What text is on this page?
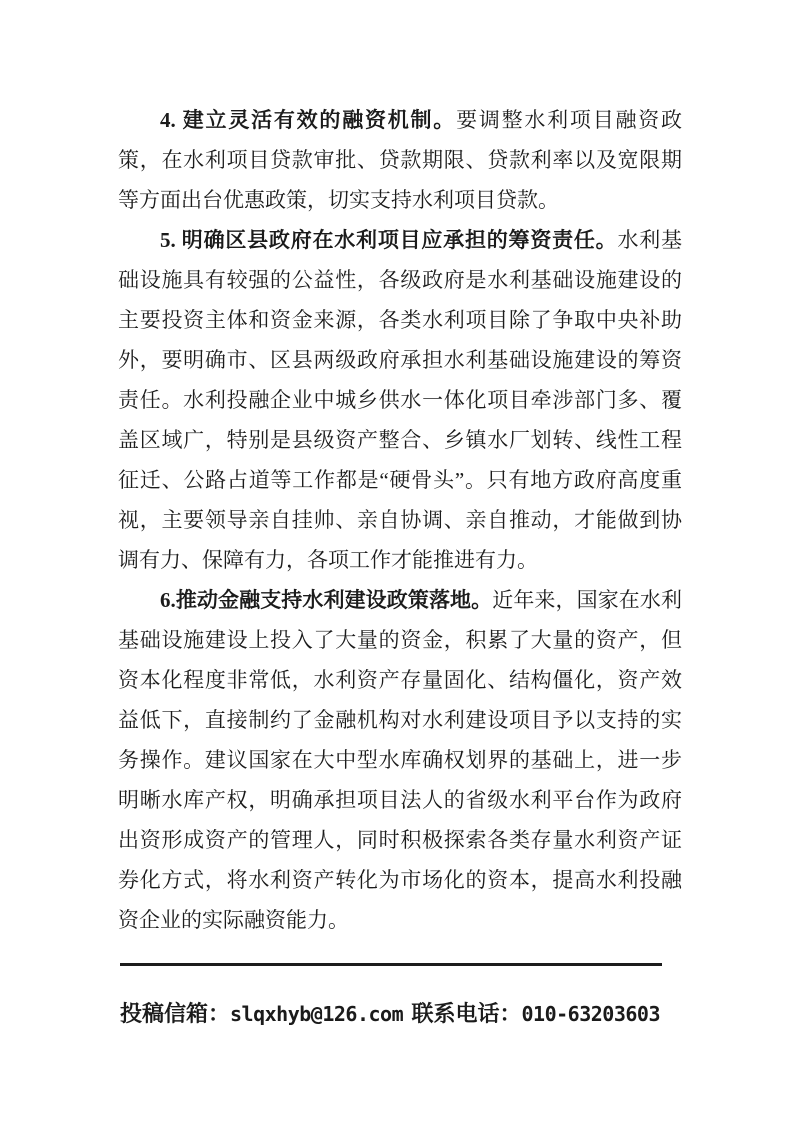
4. 建立灵活有效的融资机制。要调整水利项目融资政策，在水利项目贷款审批、贷款期限、贷款利率以及宽限期等方面出台优惠政策，切实支持水利项目贷款。

5. 明确区县政府在水利项目应承担的筹资责任。水利基础设施具有较强的公益性，各级政府是水利基础设施建设的主要投资主体和资金来源，各类水利项目除了争取中央补助外，要明确市、区县两级政府承担水利基础设施建设的筹资责任。水利投融企业中城乡供水一体化项目牵涉部门多、覆盖区域广，特别是县级资产整合、乡镇水厂划转、线性工程征迁、公路占道等工作都是“硬骨头”。只有地方政府高度重视，主要领导亲自挂帅、亲自协调、亲自推动，才能做到协调有力、保障有力，各项工作才能推进有力。

6.推动金融支持水利建设政策落地。近年来，国家在水利基础设施建设上投入了大量的资金，积累了大量的资产，但资本化程度非常低，水利资产存量固化、结构僵化，资产效益低下，直接制约了金融机构对水利建设项目予以支持的实务操作。建议国家在大中型水库确权划界的基础上，进一步明晰水库产权，明确承担项目法人的省级水利平台作为政府出资形成资产的管理人，同时积极探索各类存量水利资产证券化方式，将水利资产转化为市场化的资本，提高水利投融资企业的实际融资能力。

投稿信箱：slqxhyb@126.com 联系电话：010-63203603
